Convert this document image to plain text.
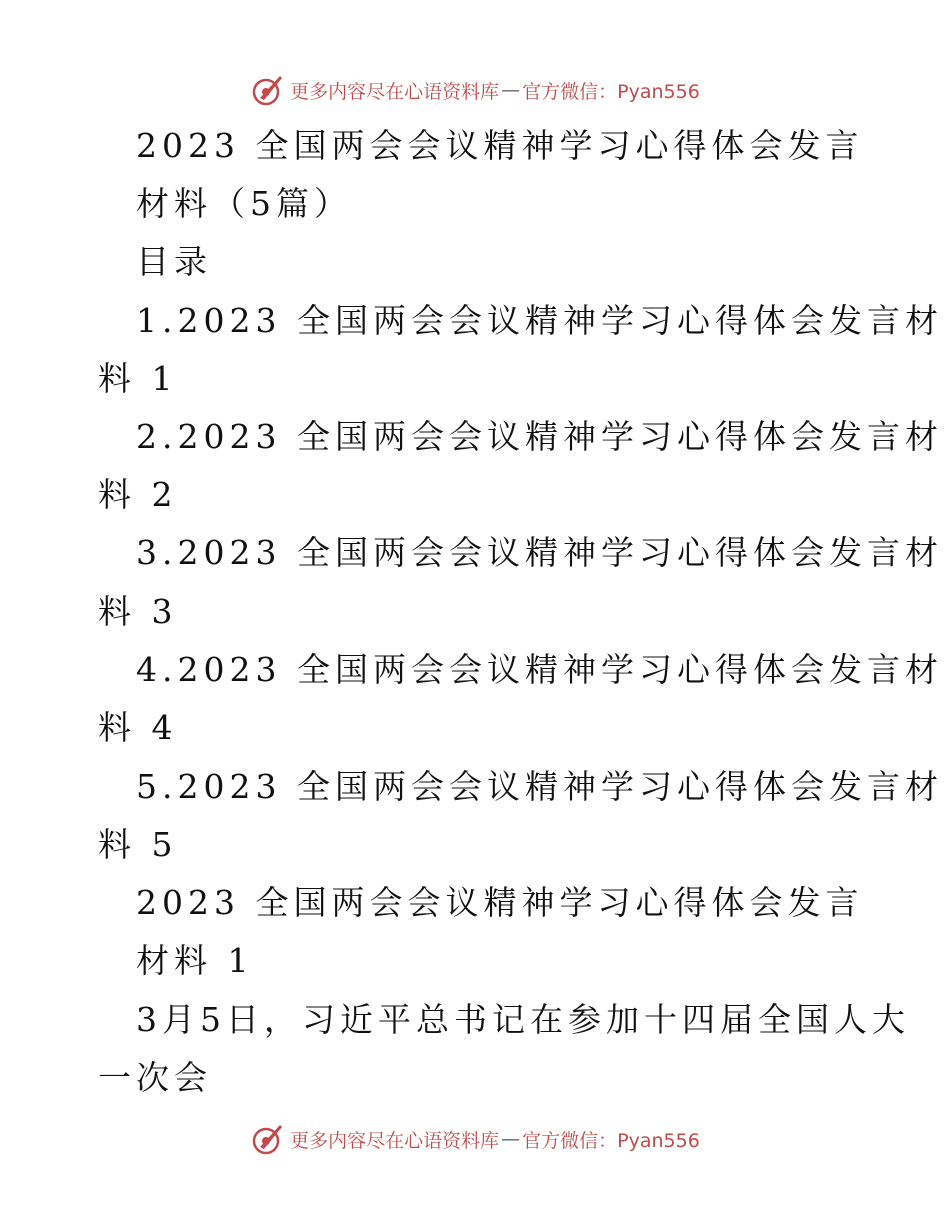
更多内容尽在心语资料库 — 官方微信：Pyan556
2023 全国两会会议精神学习心得体会发言
材料（5篇）
目录
1.2023 全国两会会议精神学习心得体会发言材
料 1
2.2023 全国两会会议精神学习心得体会发言材
料 2
3.2023 全国两会会议精神学习心得体会发言材
料 3
4.2023 全国两会会议精神学习心得体会发言材
料 4
5.2023 全国两会会议精神学习心得体会发言材
料 5
2023 全国两会会议精神学习心得体会发言
材料 1
3月5日，习近平总书记在参加十四届全国人大
一次会
更多内容尽在心语资料库 — 官方微信：Pyan556
